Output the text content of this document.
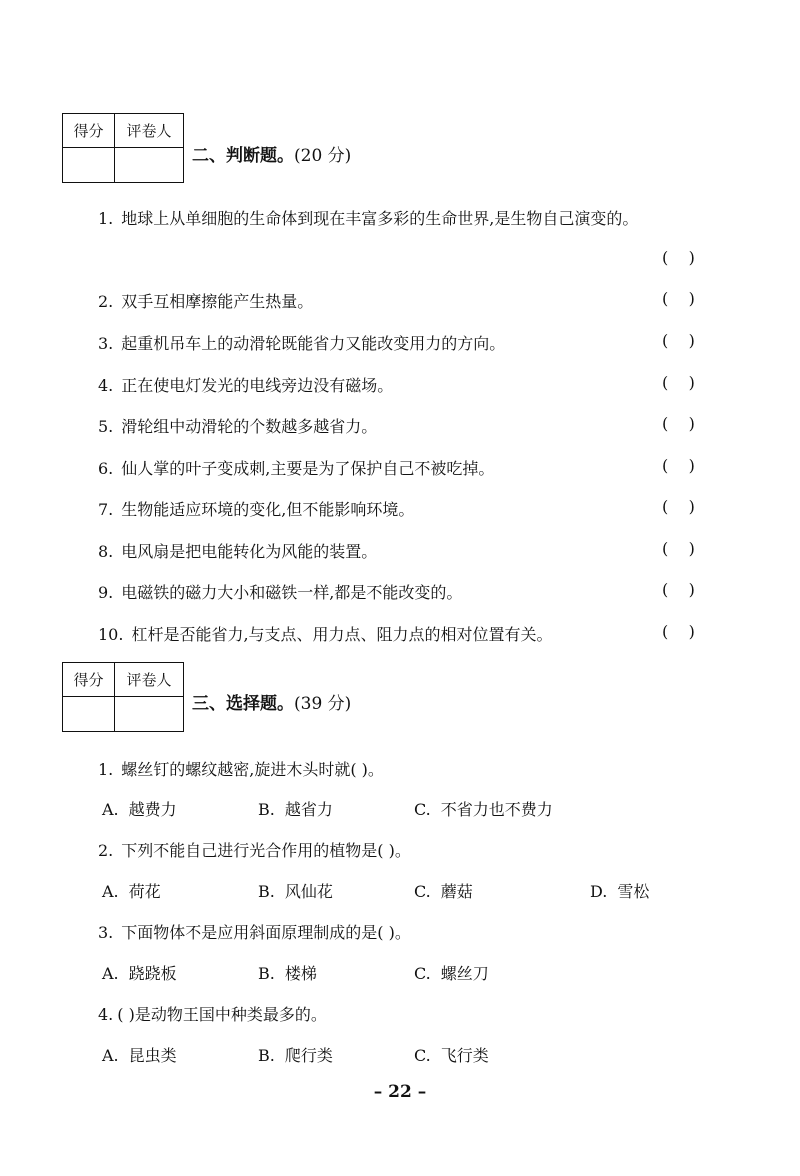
得分	评卷人
二、判断题。(20 分)
1. 地球上从单细胞的生命体到现在丰富多彩的生命世界,是生物自己演变的。
(    )
2. 双手互相摩擦能产生热量。	(    )
3. 起重机吊车上的动滑轮既能省力又能改变用力的方向。	(    )
4. 正在使电灯发光的电线旁边没有磁场。	(    )
5. 滑轮组中动滑轮的个数越多越省力。	(    )
6. 仙人掌的叶子变成刺,主要是为了保护自己不被吃掉。	(    )
7. 生物能适应环境的变化,但不能影响环境。	(    )
8. 电风扇是把电能转化为风能的装置。	(    )
9. 电磁铁的磁力大小和磁铁一样,都是不能改变的。	(    )
10. 杠杆是否能省力,与支点、用力点、阻力点的相对位置有关。	(    )
得分	评卷人
三、选择题。(39 分)
1. 螺丝钉的螺纹越密,旋进木头时就( )。
A. 越费力	B. 越省力	C. 不省力也不费力
2. 下列不能自己进行光合作用的植物是( )。
A. 荷花	B. 风仙花	C. 蘑菇	D. 雪松
3. 下面物体不是应用斜面原理制成的是( )。
A. 跷跷板	B. 楼梯	C. 螺丝刀
4. ( )是动物王国中种类最多的。
A. 昆虫类	B. 爬行类	C. 飞行类
– 22 –
